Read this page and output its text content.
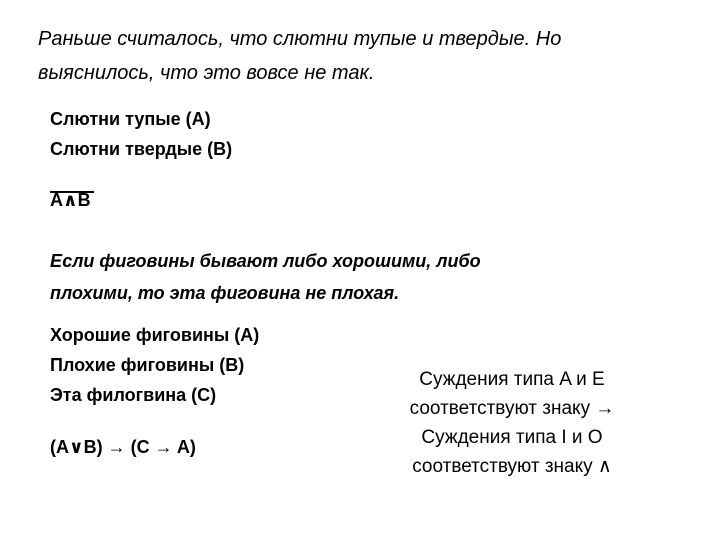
Раньше считалось, что слютни тупые и твердые. Но
выяснилось, что это вовсе не так.
Слютни тупые (A)
Слютни твердые (B)
A∧B
Если фиговины бывают либо хорошими, либо
плохими, то эта фиговина не плохая.
Хорошие фиговины (A)
Плохие фиговины (B)
Эта филогвина (C)
(A∨B) → (C → A)
Суждения типа A и E
соответствуют знаку →
Суждения типа I и O
соответствуют знаку ∧
